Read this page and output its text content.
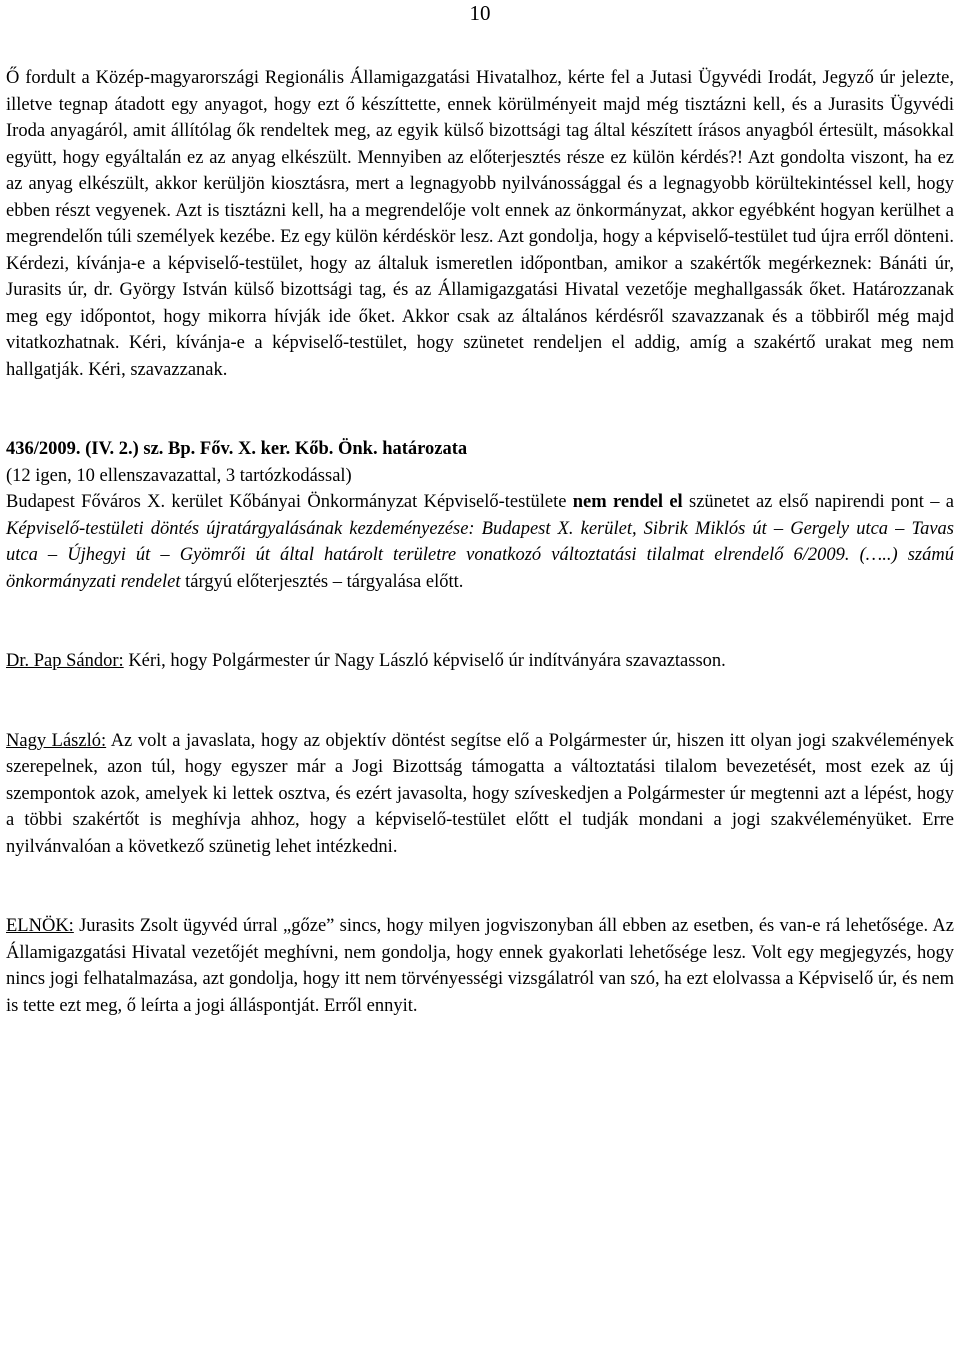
10

Ő fordult a Közép-magyarországi Regionális Államigazgatási Hivatalhoz, kérte fel a Jutasi Ügyvédi Irodát, Jegyző úr jelezte, illetve tegnap átadott egy anyagot, hogy ezt ő készíttette, ennek körülményeit majd még tisztázni kell, és a Jurasits Ügyvédi Iroda anyagáról, amit állítólag ők rendeltek meg, az egyik külső bizottsági tag által készített írásos anyagból értesült, másokkal együtt, hogy egyáltalán ez az anyag elkészült. Mennyiben az előterjesztés része ez külön kérdés?! Azt gondolta viszont, ha ez az anyag elkészült, akkor kerüljön kiosztásra, mert a legnagyobb nyilvánossággal és a legnagyobb körültekintéssel kell, hogy ebben részt vegyenek. Azt is tisztázni kell, ha a megrendelője volt ennek az önkormányzat, akkor egyébként hogyan kerülhet a megrendelőn túli személyek kezébe. Ez egy külön kérdéskör lesz. Azt gondolja, hogy a képviselő-testület tud újra erről dönteni. Kérdezi, kívánja-e a képviselő-testület, hogy az általuk ismeretlen időpontban, amikor a szakértők megérkeznek: Bánáti úr, Jurasits úr, dr. György István külső bizottsági tag, és az Államigazgatási Hivatal vezetője meghallgassák őket. Határozzanak meg egy időpontot, hogy mikorra hívják ide őket. Akkor csak az általános kérdésről szavazzanak és a többiről még majd vitatkozhatnak. Kéri, kívánja-e a képviselő-testület, hogy szünetet rendeljen el addig, amíg a szakértő urakat meg nem hallgatják. Kéri, szavazzanak.

436/2009. (IV. 2.) sz. Bp. Főv. X. ker. Kőb. Önk. határozata

(12 igen, 10 ellenszavazattal, 3 tartózkodással)

Budapest Főváros X. kerület Kőbányai Önkormányzat Képviselő-testülete nem rendel el szünetet az első napirendi pont – a Képviselő-testületi döntés újratárgyalásának kezdeményezése: Budapest X. kerület, Sibrik Miklós út – Gergely utca – Tavas utca – Újhegyi út – Gyömrői út által határolt területre vonatkozó változtatási tilalmat elrendelő 6/2009. (…..) számú önkormányzati rendelet tárgyú előterjesztés – tárgyalása előtt.

Dr. Pap Sándor: Kéri, hogy Polgármester úr Nagy László képviselő úr indítványára szavaztasson.

Nagy László: Az volt a javaslata, hogy az objektív döntést segítse elő a Polgármester úr, hiszen itt olyan jogi szakvélemények szerepelnek, azon túl, hogy egyszer már a Jogi Bizottság támogatta a változtatási tilalom bevezetését, most ezek az új szempontok azok, amelyek ki lettek osztva, és ezért javasolta, hogy szíveskedjen a Polgármester úr megtenni azt a lépést, hogy a többi szakértőt is meghívja ahhoz, hogy a képviselő-testület előtt el tudják mondani a jogi szakvéleményüket. Erre nyilvánvalóan a következő szünetig lehet intézkedni.

ELNÖK: Jurasits Zsolt ügyvéd úrral „gőze” sincs, hogy milyen jogviszonyban áll ebben az esetben, és van-e rá lehetősége. Az Államigazgatási Hivatal vezetőjét meghívni, nem gondolja, hogy ennek gyakorlati lehetősége lesz. Volt egy megjegyzés, hogy nincs jogi felhatalmazása, azt gondolja, hogy itt nem törvényességi vizsgálatról van szó, ha ezt elolvassa a Képviselő úr, és nem is tette ezt meg, ő leírta a jogi álláspontját. Erről ennyit.
